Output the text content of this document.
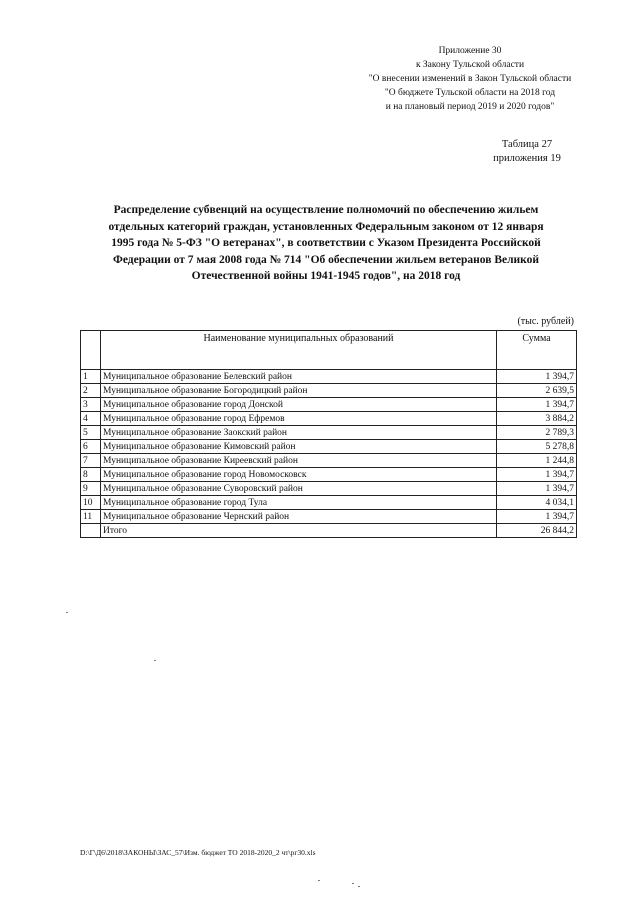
Приложение 30
к Закону Тульской области
"О внесении изменений в Закон Тульской области
"О бюджете Тульской области на 2018 год
и на плановый период 2019 и 2020 годов"
Таблица 27
приложения 19
Распределение субвенций на осуществление полномочий по обеспечению жильем
отдельных категорий граждан, установленных Федеральным законом от 12 января
1995 года № 5-ФЗ "О ветеранах", в соответствии с Указом Президента Российской
Федерации от 7 мая 2008 года № 714 "Об обеспечении жильем ветеранов Великой
Отечественной войны 1941-1945 годов", на 2018 год
(тыс. рублей)
	Наименование муниципальных образований	Сумма
1	Муниципальное образование Белевский район	1 394,7
2	Муниципальное образование Богородицкий район	2 639,5
3	Муниципальное образование город Донской	1 394,7
4	Муниципальное образование город Ефремов	3 884,2
5	Муниципальное образование Заокский район	2 789,3
6	Муниципальное образование Кимовский район	5 278,8
7	Муниципальное образование Киреевский район	1 244,8
8	Муниципальное образование город Новомосковск	1 394,7
9	Муниципальное образование Суворовский район	1 394,7
10	Муниципальное образование город Тула	4 034,1
11	Муниципальное образование Чернский район	1 394,7
	Итого	26 844,2
D:\Г\Д6\2018\ЗАКОНЫ\ЗАС_57\Изм. бюджет ТО 2018-2020_2 чт\рг30.xls
